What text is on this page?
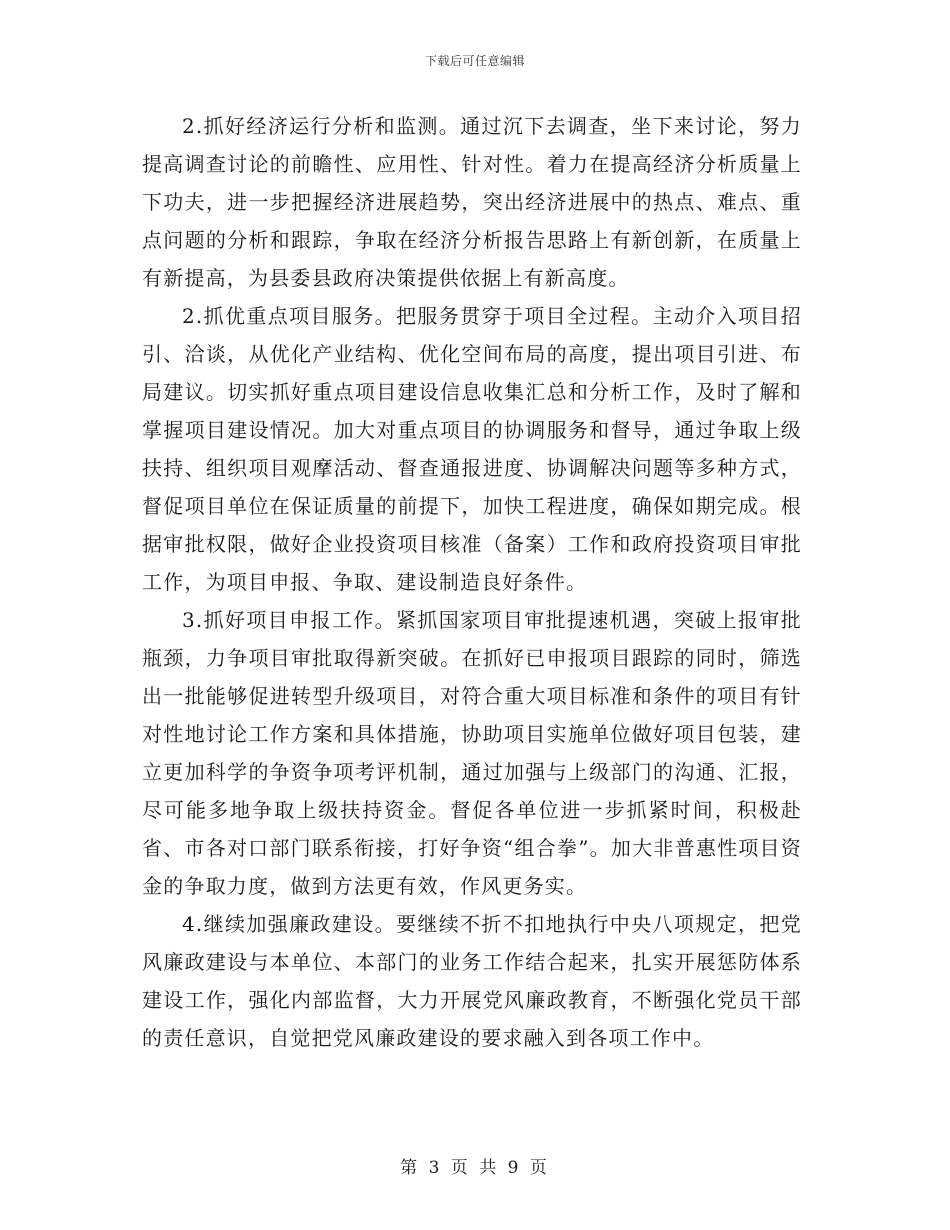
下载后可任意编辑

2.抓好经济运行分析和监测。通过沉下去调查，坐下来讨论，努力提高调查讨论的前瞻性、应用性、针对性。着力在提高经济分析质量上下功夫，进一步把握经济进展趋势，突出经济进展中的热点、难点、重点问题的分析和跟踪，争取在经济分析报告思路上有新创新，在质量上有新提高，为县委县政府决策提供依据上有新高度。

2.抓优重点项目服务。把服务贯穿于项目全过程。主动介入项目招引、洽谈，从优化产业结构、优化空间布局的高度，提出项目引进、布局建议。切实抓好重点项目建设信息收集汇总和分析工作，及时了解和掌握项目建设情况。加大对重点项目的协调服务和督导，通过争取上级扶持、组织项目观摩活动、督查通报进度、协调解决问题等多种方式，督促项目单位在保证质量的前提下，加快工程进度，确保如期完成。根据审批权限，做好企业投资项目核准（备案）工作和政府投资项目审批工作，为项目申报、争取、建设制造良好条件。

3.抓好项目申报工作。紧抓国家项目审批提速机遇，突破上报审批瓶颈，力争项目审批取得新突破。在抓好已申报项目跟踪的同时，筛选出一批能够促进转型升级项目，对符合重大项目标准和条件的项目有针对性地讨论工作方案和具体措施，协助项目实施单位做好项目包装，建立更加科学的争资争项考评机制，通过加强与上级部门的沟通、汇报，尽可能多地争取上级扶持资金。督促各单位进一步抓紧时间，积极赴省、市各对口部门联系衔接，打好争资“组合拳”。加大非普惠性项目资金的争取力度，做到方法更有效，作风更务实。

4.继续加强廉政建设。要继续不折不扣地执行中央八项规定，把党风廉政建设与本单位、本部门的业务工作结合起来，扎实开展惩防体系建设工作，强化内部监督，大力开展党风廉政教育，不断强化党员干部的责任意识，自觉把党风廉政建设的要求融入到各项工作中。

第 3 页 共 9 页
